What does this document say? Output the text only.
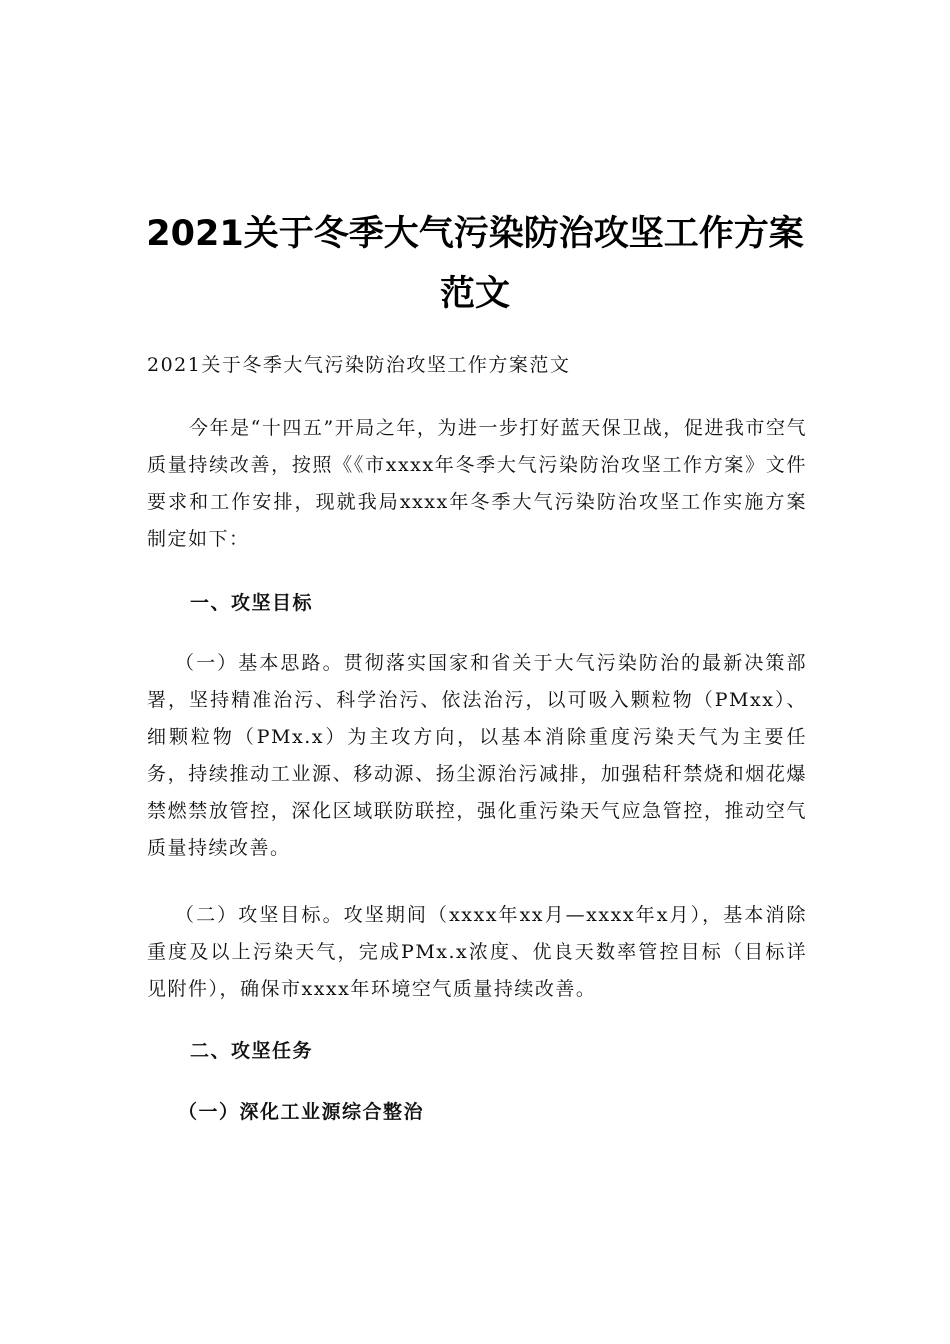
2021关于冬季大气污染防治攻坚工作方案
范文

2021关于冬季大气污染防治攻坚工作方案范文

今年是“十四五”开局之年，为进一步打好蓝天保卫战，促进我市空气质量持续改善，按照《《市xxxx年冬季大气污染防治攻坚工作方案》文件要求和工作安排，现就我局xxxx年冬季大气污染防治攻坚工作实施方案制定如下：

一、攻坚目标

（一）基本思路。贯彻落实国家和省关于大气污染防治的最新决策部署，坚持精准治污、科学治污、依法治污，以可吸入颗粒物（PMxx）、细颗粒物（PMx.x）为主攻方向，以基本消除重度污染天气为主要任务，持续推动工业源、移动源、扬尘源治污减排，加强秸秆禁烧和烟花爆禁燃禁放管控，深化区域联防联控，强化重污染天气应急管控，推动空气质量持续改善。

（二）攻坚目标。攻坚期间（xxxx年xx月—xxxx年x月），基本消除重度及以上污染天气，完成PMx.x浓度、优良天数率管控目标（目标详见附件），确保市xxxx年环境空气质量持续改善。

二、攻坚任务
（一）深化工业源综合整治
